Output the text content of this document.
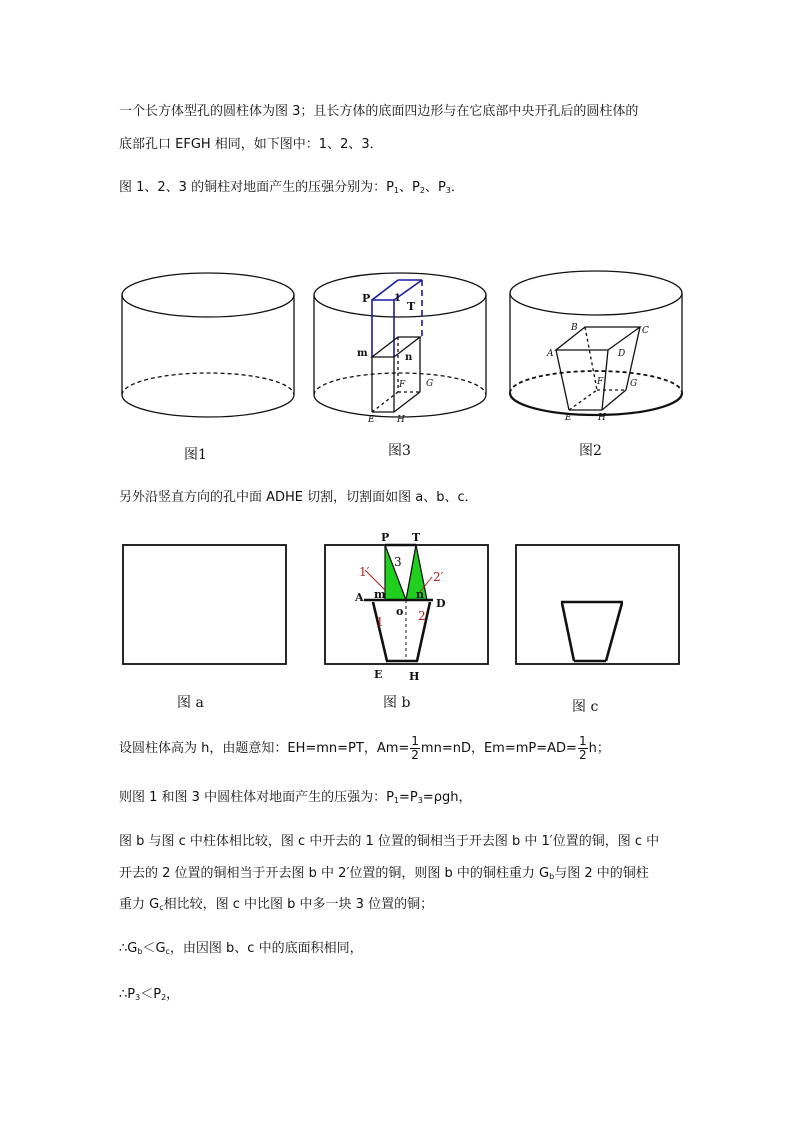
一个长方体型孔的圆柱体为图 3；且长方体的底面四边形与在它底部中央开孔后的圆柱体的
底部孔口 EFGH 相同，如下图中：1、2、3．
图 1、2、3 的铜柱对地面产生的压强分别为：$P_1$、$P_2$、$P_3$．
P
T
1
m	n
F G
E H
B	C
A	D
F	G
E	H
P T
3
1′	2′
A m
o
n
D
1	2
E H
图1	图3	图2
另外沿竖直方向的孔中面 ADHE 切割，切割面如图 a、b、c．
图 a	图 b	图 c
设圆柱体高为 h，由题意知：EH=mn=PT，$Am= \frac{1}{2} mn=nD$，$Em=mP=AD= \frac{1}{2}$ h；
则图 1 和图 3 中圆柱体对地面产生的压强为：$P_1=P_3=\rho gh$，
图 b 与图 c 中柱体相比较，图 c 中开去的 1 位置的铜相当于开去图 b 中 1′位置的铜，图 c 中
开去的 2 位置的铜相当于开去图 b 中 2′位置的铜，则图 b 中的铜柱重力 $G_b$与图 2 中的铜柱
重力 $G_c$相比较，图 c 中比图 b 中多一块 3 位置的铜；
$\therefore G_b<G_c$，由因图 b、c 中的底面积相同，
$\therefore P_3<P_2$，
